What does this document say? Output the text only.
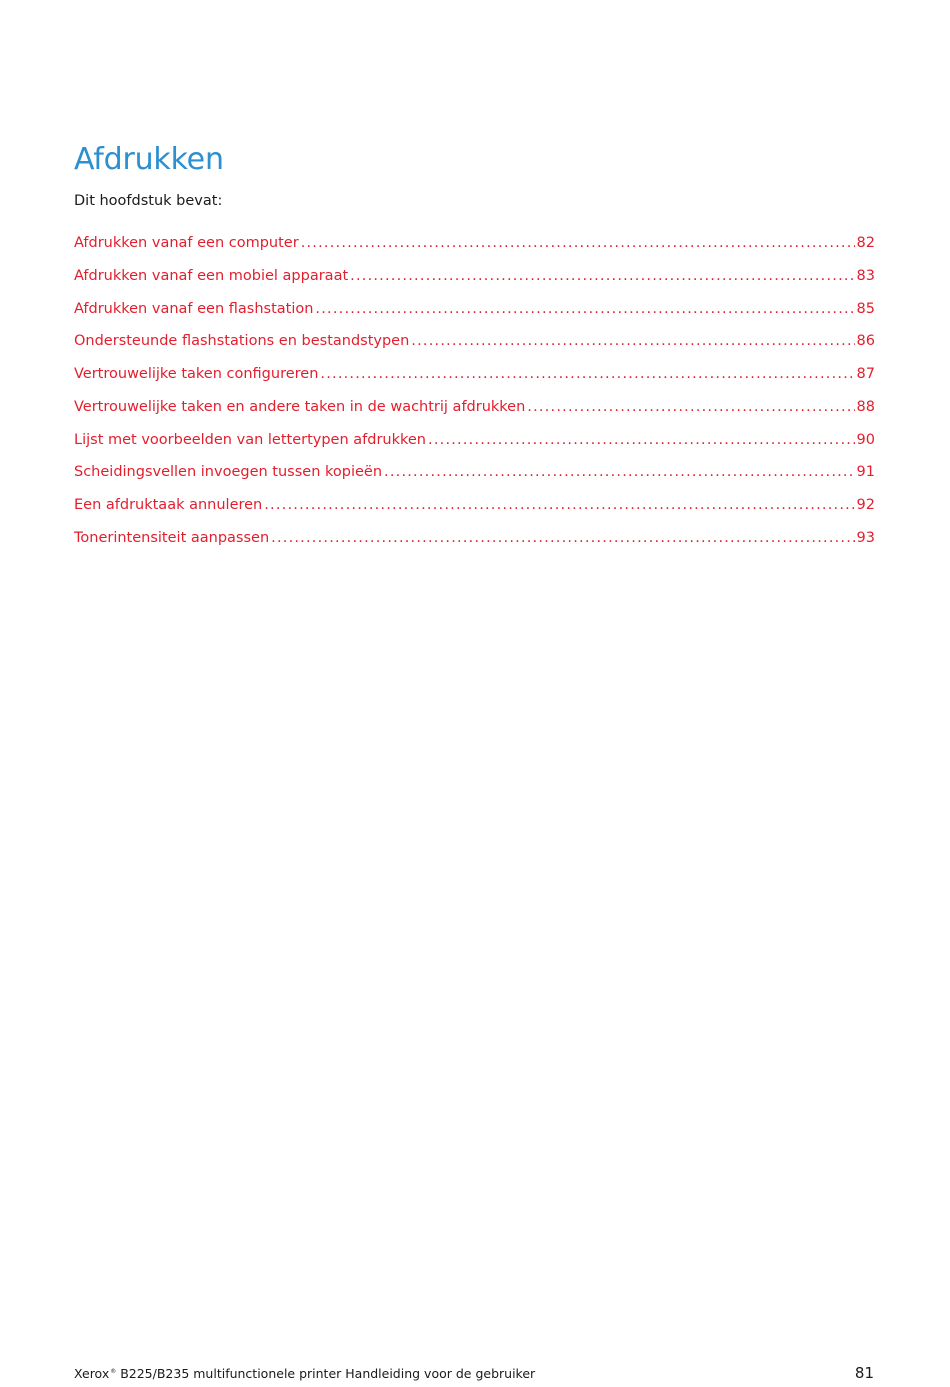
Afdrukken
Dit hoofdstuk bevat:
Afdrukken vanaf een computer .....	82
Afdrukken vanaf een mobiel apparaat .....	83
Afdrukken vanaf een flashstation .....	85
Ondersteunde flashstations en bestandstypen .....	86
Vertrouwelijke taken configureren .....	87
Vertrouwelijke taken en andere taken in de wachtrij afdrukken .....	88
Lijst met voorbeelden van lettertypen afdrukken .....	90
Scheidingsvellen invoegen tussen kopieën .....	91
Een afdruktaak annuleren .....	92
Tonerintensiteit aanpassen .....	93
Xerox® B225/B235 multifunctionele printer Handleiding voor de gebruiker	81
